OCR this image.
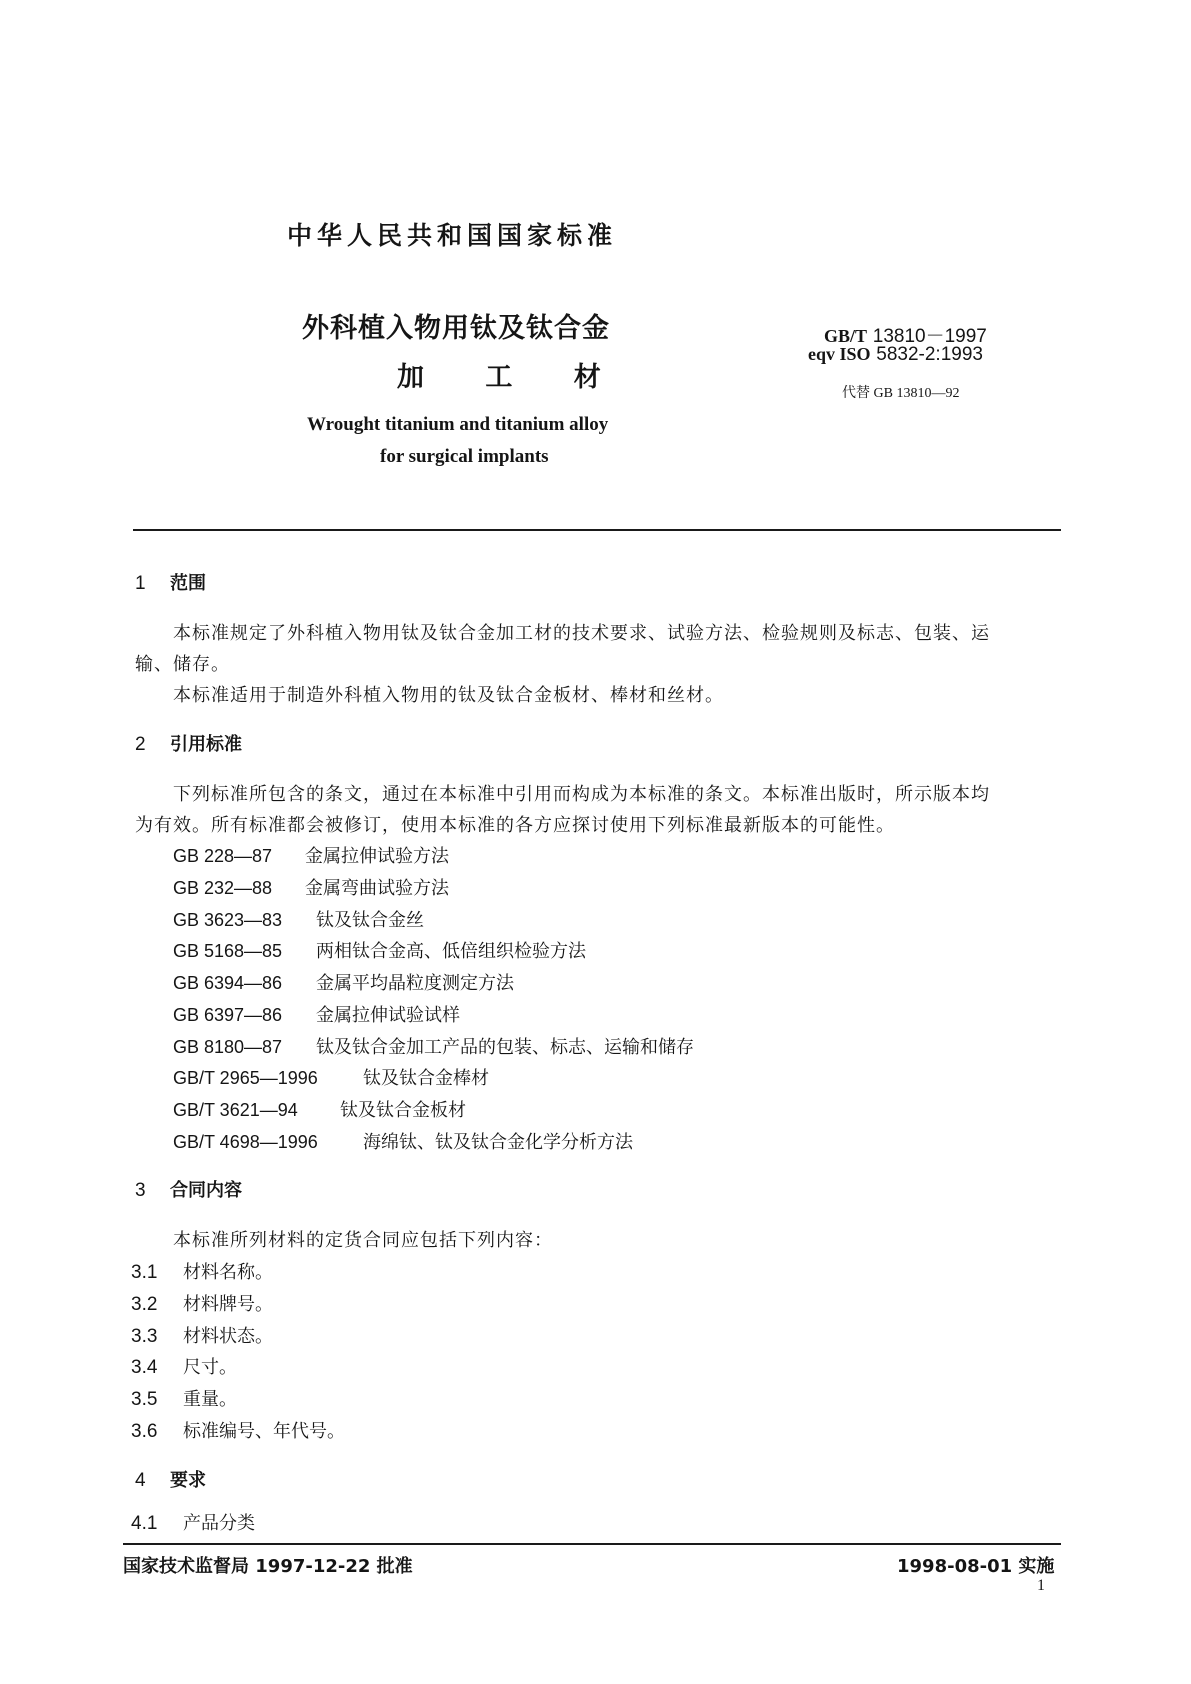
中华人民共和国国家标准
外科植入物用钛及钛合金
加 工 材
Wrought titanium and titanium alloy
for surgical implants
GB/T 13810－1997
eqv ISO 5832-2:1993
代替 GB 13810—92
1 范围
本标准规定了外科植入物用钛及钛合金加工材的技术要求、试验方法、检验规则及标志、包装、运
输、储存。
本标准适用于制造外科植入物用的钛及钛合金板材、棒材和丝材。
2 引用标准
下列标准所包含的条文，通过在本标准中引用而构成为本标准的条文。本标准出版时，所示版本均
为有效。所有标准都会被修订，使用本标准的各方应探讨使用下列标准最新版本的可能性。
GB 228—87 金属拉伸试验方法
GB 232—88 金属弯曲试验方法
GB 3623—83 钛及钛合金丝
GB 5168—85 两相钛合金高、低倍组织检验方法
GB 6394—86 金属平均晶粒度测定方法
GB 6397—86 金属拉伸试验试样
GB 8180—87 钛及钛合金加工产品的包装、标志、运输和储存
GB/T 2965—1996	钛及钛合金棒材
GB/T 3621—94 钛及钛合金板材
GB/T 4698—1996	海绵钛、钛及钛合金化学分析方法
3 合同内容
本标准所列材料的定货合同应包括下列内容：
3.1 材料名称。
3.2 材料牌号。
3.3 材料状态。
3.4 尺寸。
3.5 重量。
3.6 标准编号、年代号。
4 要求
4.1 产品分类
国家技术监督局 1997-12-22 批准	1998-08-01 实施
1
